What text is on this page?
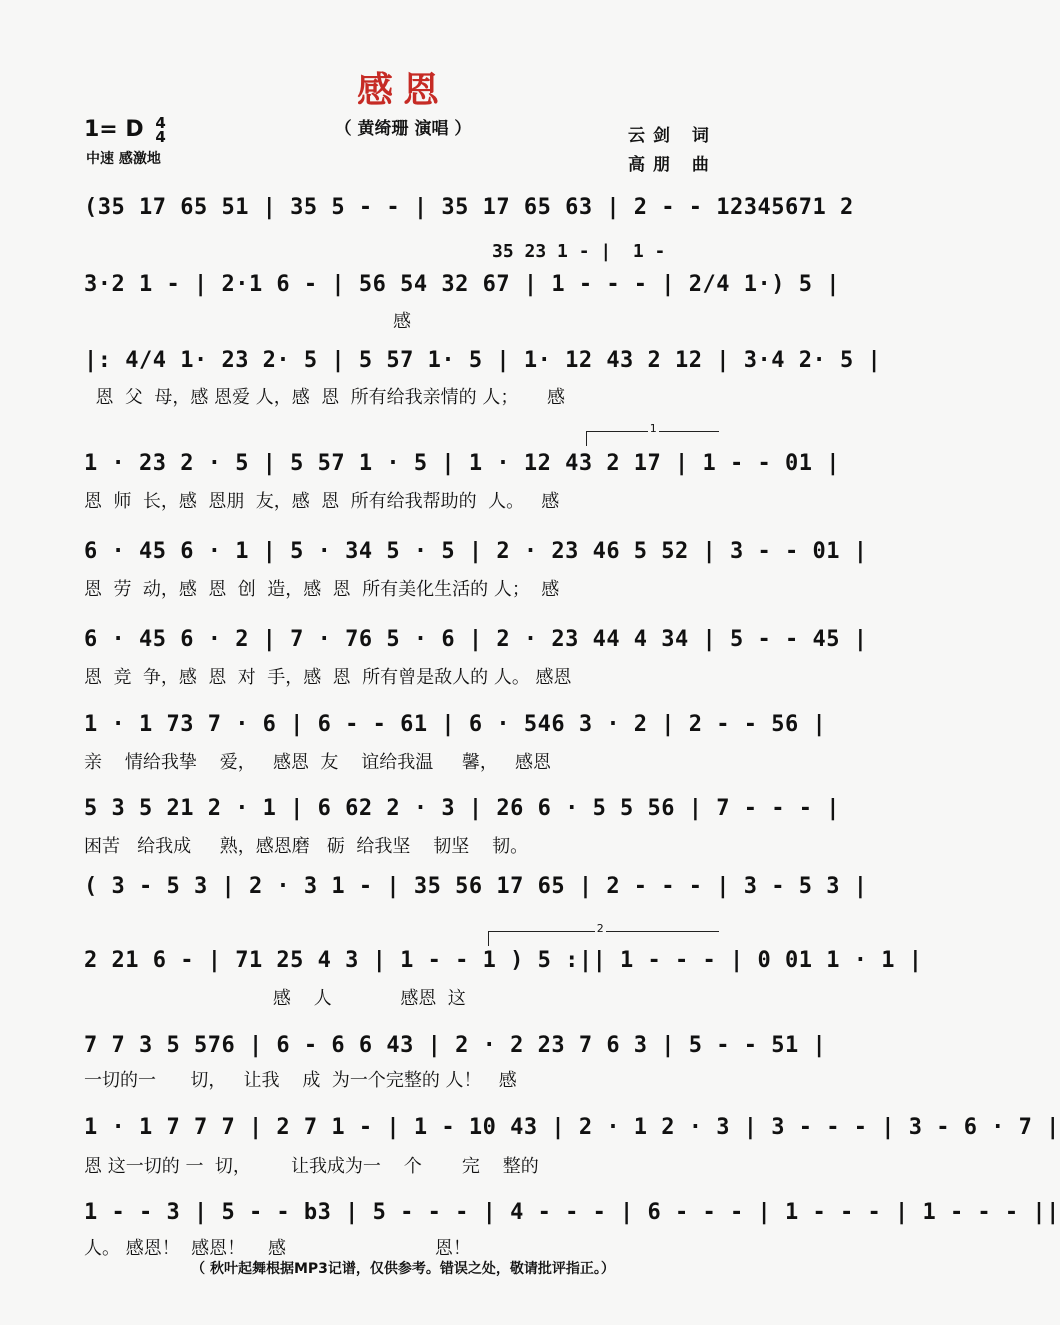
感恩
（ 黄绮珊 演唱 ）
1= D 4
4
中速 感激地
云剑 词
高朋 曲
35 23 1 - |  1 -
(35 17 65 51 | 35 5 - - | 35 17 65 63 | 2 - - 12345671 2
3·2 1 - | 2·1 6 - | 56 54 32 67 | 1 - - - | 2/4 1·) 5 |
感
|: 4/4 1· 23 2· 5 | 5 57 1· 5 | 1· 12 43 2 12 | 3·4 2· 5 |
恩  父  母，感 恩爱 人，感  恩  所有给我亲情的 人；     感
1
1 · 23 2 · 5 | 5 57 1 · 5 | 1 · 12 43 2 17 | 1 - - 01 |
恩  师  长，感  恩朋  友，感  恩  所有给我帮助的  人。   感
6 · 45 6 · 1 | 5 · 34 5 · 5 | 2 · 23 46 5 52 | 3 - - 01 |
恩  劳  动，感  恩  创  造，感  恩  所有美化生活的 人；  感
6 · 45 6 · 2 | 7 · 76 5 · 6 | 2 · 23 44 4 34 | 5 - - 45 |
恩  竞  争，感  恩  对  手，感  恩  所有曾是敌人的 人。 感恩
1 · 1 73 7 · 6 | 6 - - 61 | 6 · 546 3 · 2 | 2 - - 56 |
亲    情给我挚    爱，   感恩  友    谊给我温     馨，   感恩
5 3 5 21 2 · 1 | 6 62 2 · 3 | 26 6 · 5 5 56 | 7 - - - |
困苦   给我成     熟，感恩磨   砺  给我坚    韧坚    韧。
( 3 - 5 3 | 2 · 3 1 - | 35 56 17 65 | 2 - - - | 3 - 5 3 |
2
2 21 6 - | 71 25 4 3 | 1 - - 1 ) 5 :|| 1 - - - | 0 01 1 · 1 |
感    人            感恩  这
7 7 3 5 576 | 6 - 6 6 43 | 2 · 2 23 7 6 3 | 5 - - 51 |
一切的一      切，   让我    成  为一个完整的 人！   感
1 · 1 7 7 7 | 2 7 1 - | 1 - 10 43 | 2 · 1 2 · 3 | 3 - - - | 3 - 6 · 7 |
恩 这一切的 一  切，       让我成为一    个       完    整的
1 - - 3 | 5 - - b3 | 5 - - - | 4 - - - | 6 - - - | 1 - - - | 1 - - - ||
人。 感恩！  感恩！    感                          恩！
（ 秋叶起舞根据MP3记谱，仅供参考。错误之处，敬请批评指正。）
